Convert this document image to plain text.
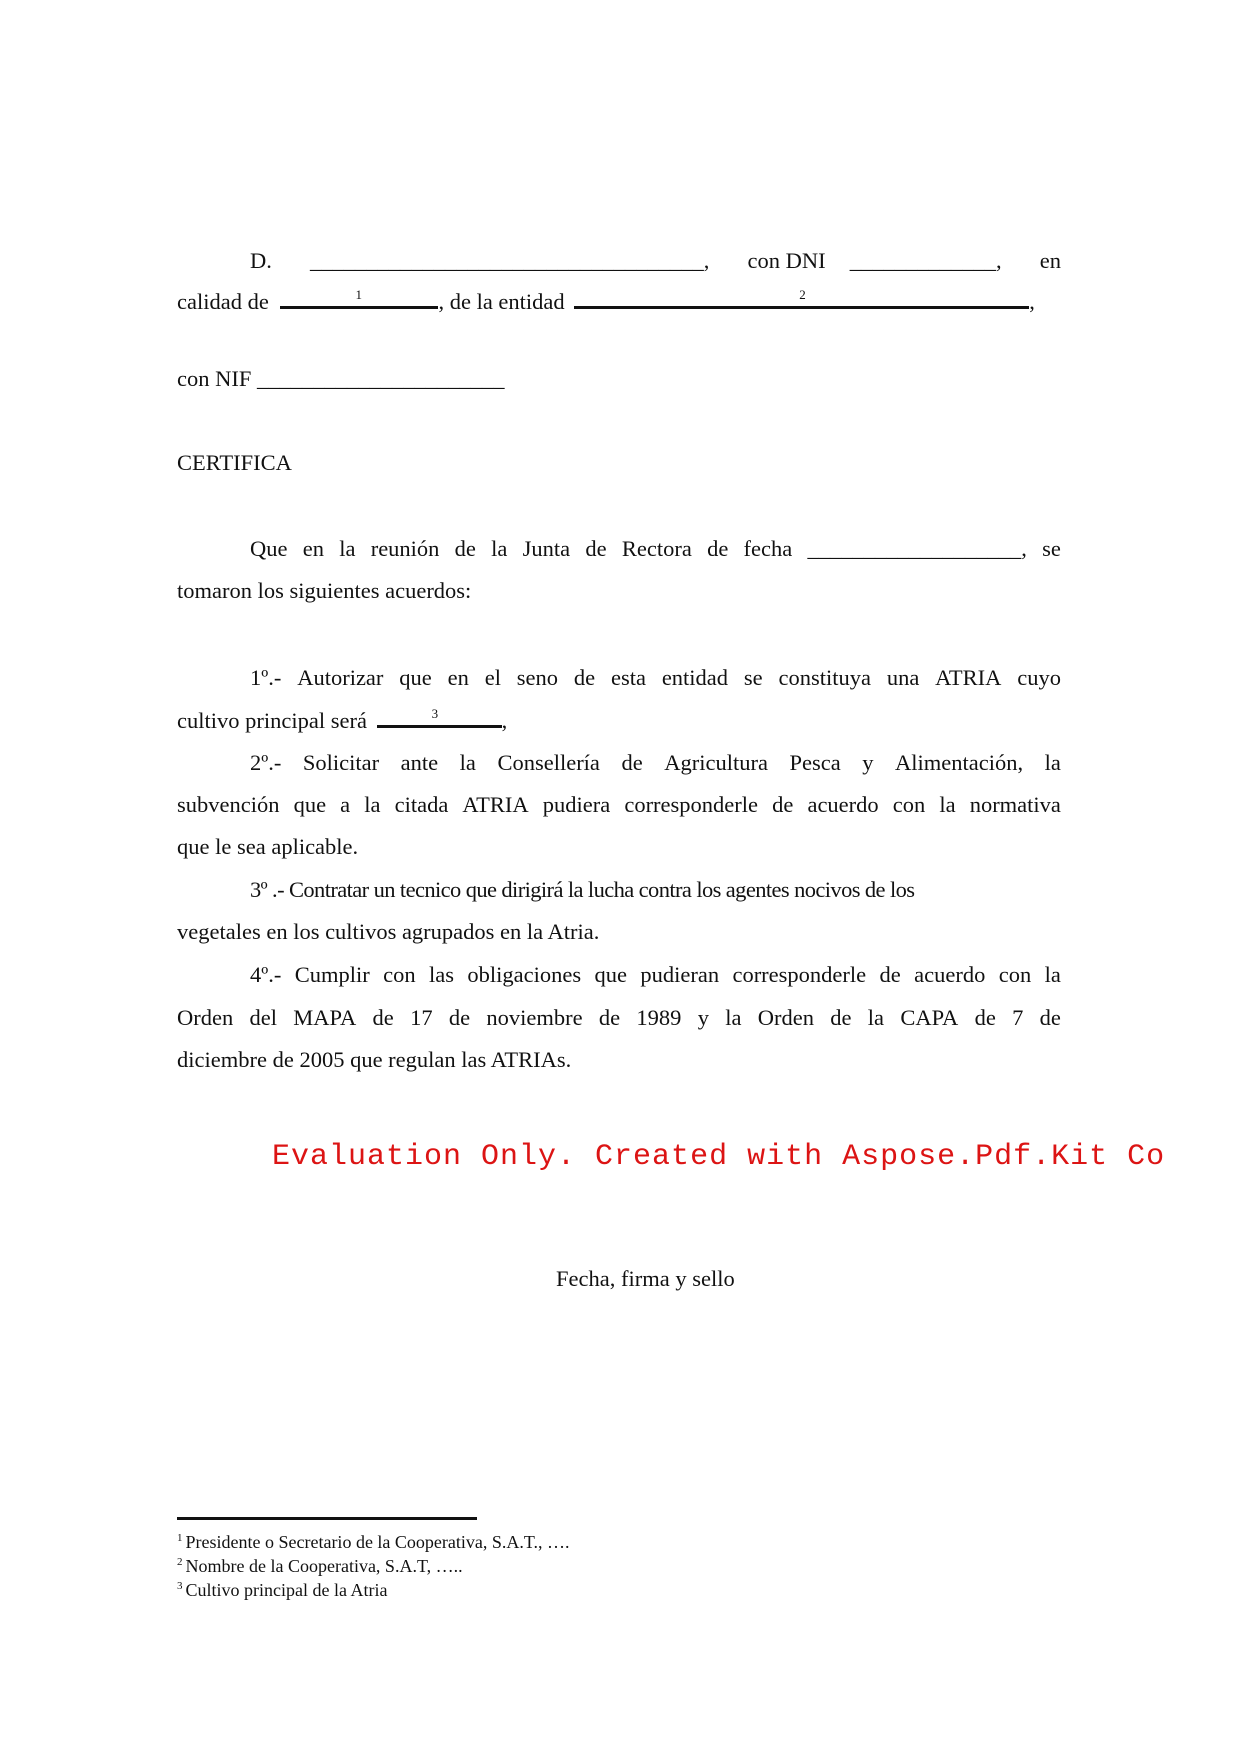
D. ___________________________________, con DNI _____________, en
calidad de	1	, de la entidad	2	,
con NIF ______________________
CERTIFICA
Que en la reunión de la Junta de Rectora de fecha ___________________, se
tomaron los siguientes acuerdos:
1º.- Autorizar que en el seno de esta entidad se constituya una ATRIA cuyo
cultivo principal será	3	,
2º.- Solicitar ante la Consellería de Agricultura Pesca y Alimentación, la
subvención que a la citada ATRIA pudiera corresponderle de acuerdo con la normativa
que le sea aplicable.
3º .- Contratar un tecnico que dirigirá la lucha contra los agentes nocivos de los
vegetales en los cultivos agrupados en la Atria.
4º.- Cumplir con las obligaciones que pudieran corresponderle de acuerdo con la
Orden del MAPA de 17 de noviembre de 1989 y la Orden de la CAPA de 7 de
diciembre de 2005 que regulan las ATRIAs.
Evaluation Only. Created with Aspose.Pdf.Kit Co
Fecha, firma y sello
$^1$ Presidente o Secretario de la Cooperativa, S.A.T., ….
$^2$ Nombre de la Cooperativa, S.A.T, …..
$^3$ Cultivo principal de la Atria
